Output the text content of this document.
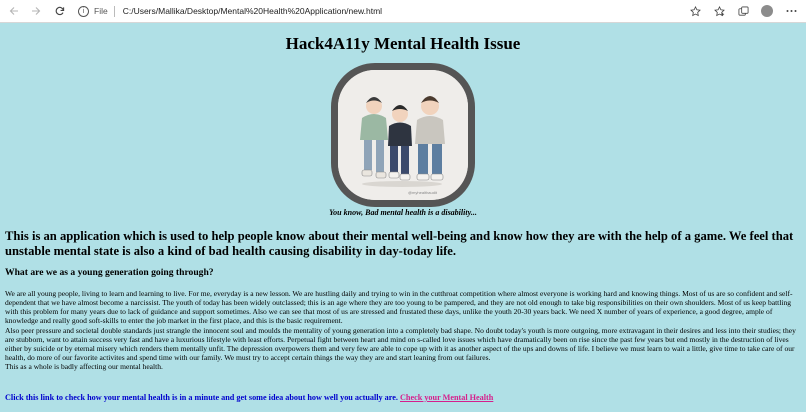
i	File C:/Users/Mallika/Desktop/Mental%20Health%20Application/new.html
Hack4A11y Mental Health Issue
@myhealthaudit
You know, Bad mental health is a disability...

This is an application which is used to help people know about their mental well-being and know how they are with the help of a game. We feel that unstable mental state is also a kind of bad health causing disability in day-today life.

What are we as a young generation going through?

We are all young people, living to learn and learning to live. For me, everyday is a new lesson. We are hustling daily and trying to win in the cutthroat competition where almost everyone is working hard and knowing things. Most of us are so confident and self-dependent that we have almost become a narcissist. The youth of today has been widely outclassed; this is an age where they are too young to be pampered, and they are not old enough to take big responsibilities on their own shoulders. Most of us keep battling with this problem for many years due to lack of guidance and support sometimes. Also we can see that most of us are stressed and frustated these days, unlike the youth 20-30 years back. We need X number of years of experience, a good degree, ample of knowledge and really good soft-skills to enter the job market in the first place, and this is the basic requirement.
Also peer pressure and societal double standards just strangle the innocent soul and moulds the mentality of young generation into a completely bad shape. No doubt today's youth is more outgoing, more extravagant in their desires and less into their studies; they are stubborn, want to attain success very fast and have a luxurious lifestyle with least efforts. Perpetual fight between heart and mind on s-called love issues which have dramatically been on rise since the past few years but end mostly in the destruction of lives either by suicide or by eternal misery which renders them mentally unfit. The depression overpowers them and very few are able to cope up with it as another aspect of the ups and downs of life. I believe we must learn to wait a little, give time to take care of our health, do more of our favorite activites and spend time with our family. We must try to accept certain things the way they are and start leaning from out failures.
This as a whole is badly affecting our mental health.

Click this link to check how your mental health is in a minute and get some idea about how well you actually are. Check your Mental Health
